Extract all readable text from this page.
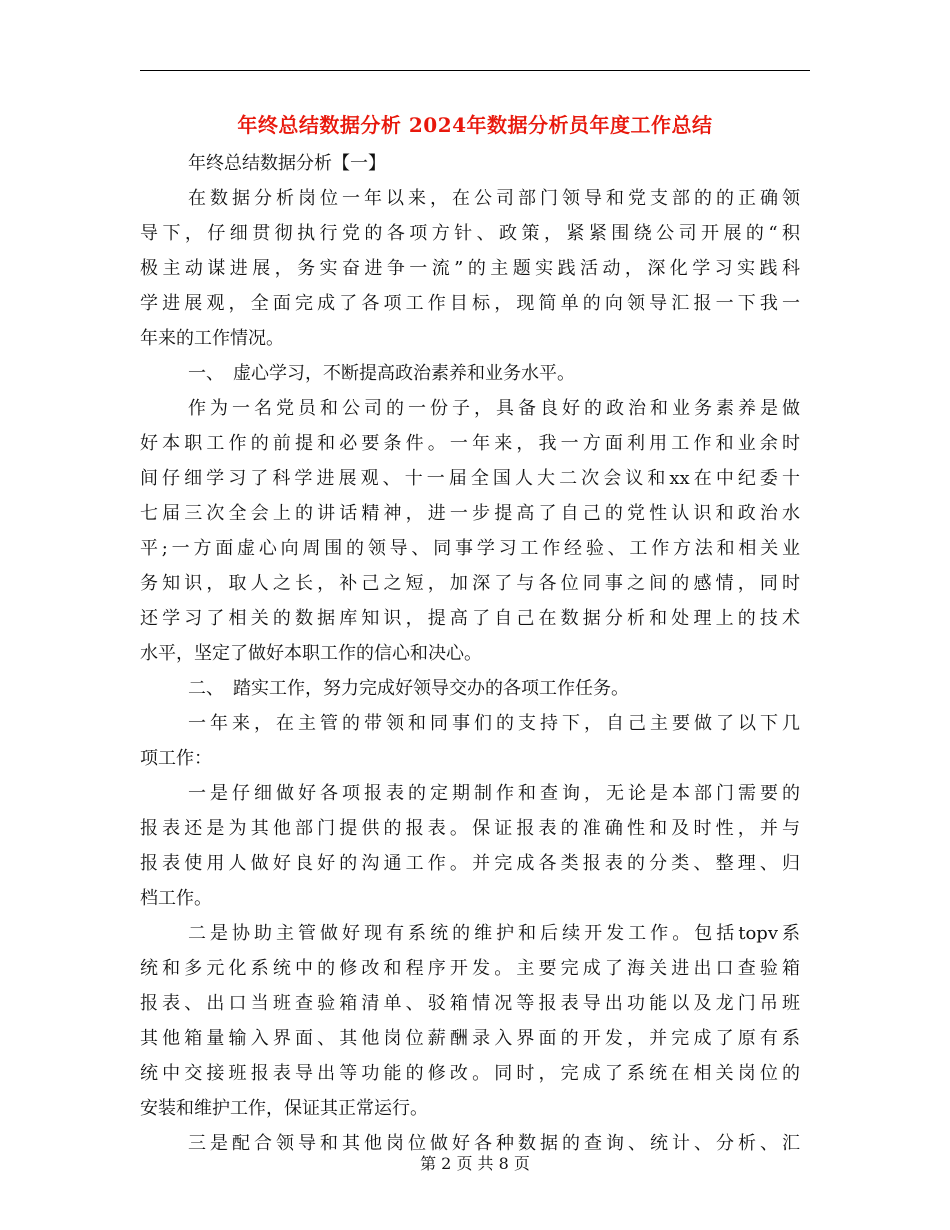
年终总结数据分析 2024年数据分析员年度工作总结
年终总结数据分析【一】
在数据分析岗位一年以来，在公司部门领导和党支部的的正确领
导下，仔细贯彻执行党的各项方针、政策，紧紧围绕公司开展的“积
极主动谋进展，务实奋进争一流”的主题实践活动，深化学习实践科
学进展观，全面完成了各项工作目标，现简单的向领导汇报一下我一
年来的工作情况。
一、　虚心学习，不断提高政治素养和业务水平。
作为一名党员和公司的一份子，具备良好的政治和业务素养是做
好本职工作的前提和必要条件。一年来，我一方面利用工作和业余时
间仔细学习了科学进展观、十一届全国人大二次会议和xx在中纪委十
七届三次全会上的讲话精神，进一步提高了自己的党性认识和政治水
平;一方面虚心向周围的领导、同事学习工作经验、工作方法和相关业
务知识，取人之长，补己之短，加深了与各位同事之间的感情，同时
还学习了相关的数据库知识，提高了自己在数据分析和处理上的技术
水平，坚定了做好本职工作的信心和决心。
二、　踏实工作，努力完成好领导交办的各项工作任务。
一年来，在主管的带领和同事们的支持下，自己主要做了以下几
项工作：
一是仔细做好各项报表的定期制作和查询，无论是本部门需要的
报表还是为其他部门提供的报表。保证报表的准确性和及时性，并与
报表使用人做好良好的沟通工作。并完成各类报表的分类、整理、归
档工作。
二是协助主管做好现有系统的维护和后续开发工作。包括topv系
统和多元化系统中的修改和程序开发。主要完成了海关进出口查验箱
报表、出口当班查验箱清单、驳箱情况等报表导出功能以及龙门吊班
其他箱量输入界面、其他岗位薪酬录入界面的开发，并完成了原有系
统中交接班报表导出等功能的修改。同时，完成了系统在相关岗位的
安装和维护工作，保证其正常运行。
三是配合领导和其他岗位做好各种数据的查询、统计、分析、汇
第 2 页 共 8 页
